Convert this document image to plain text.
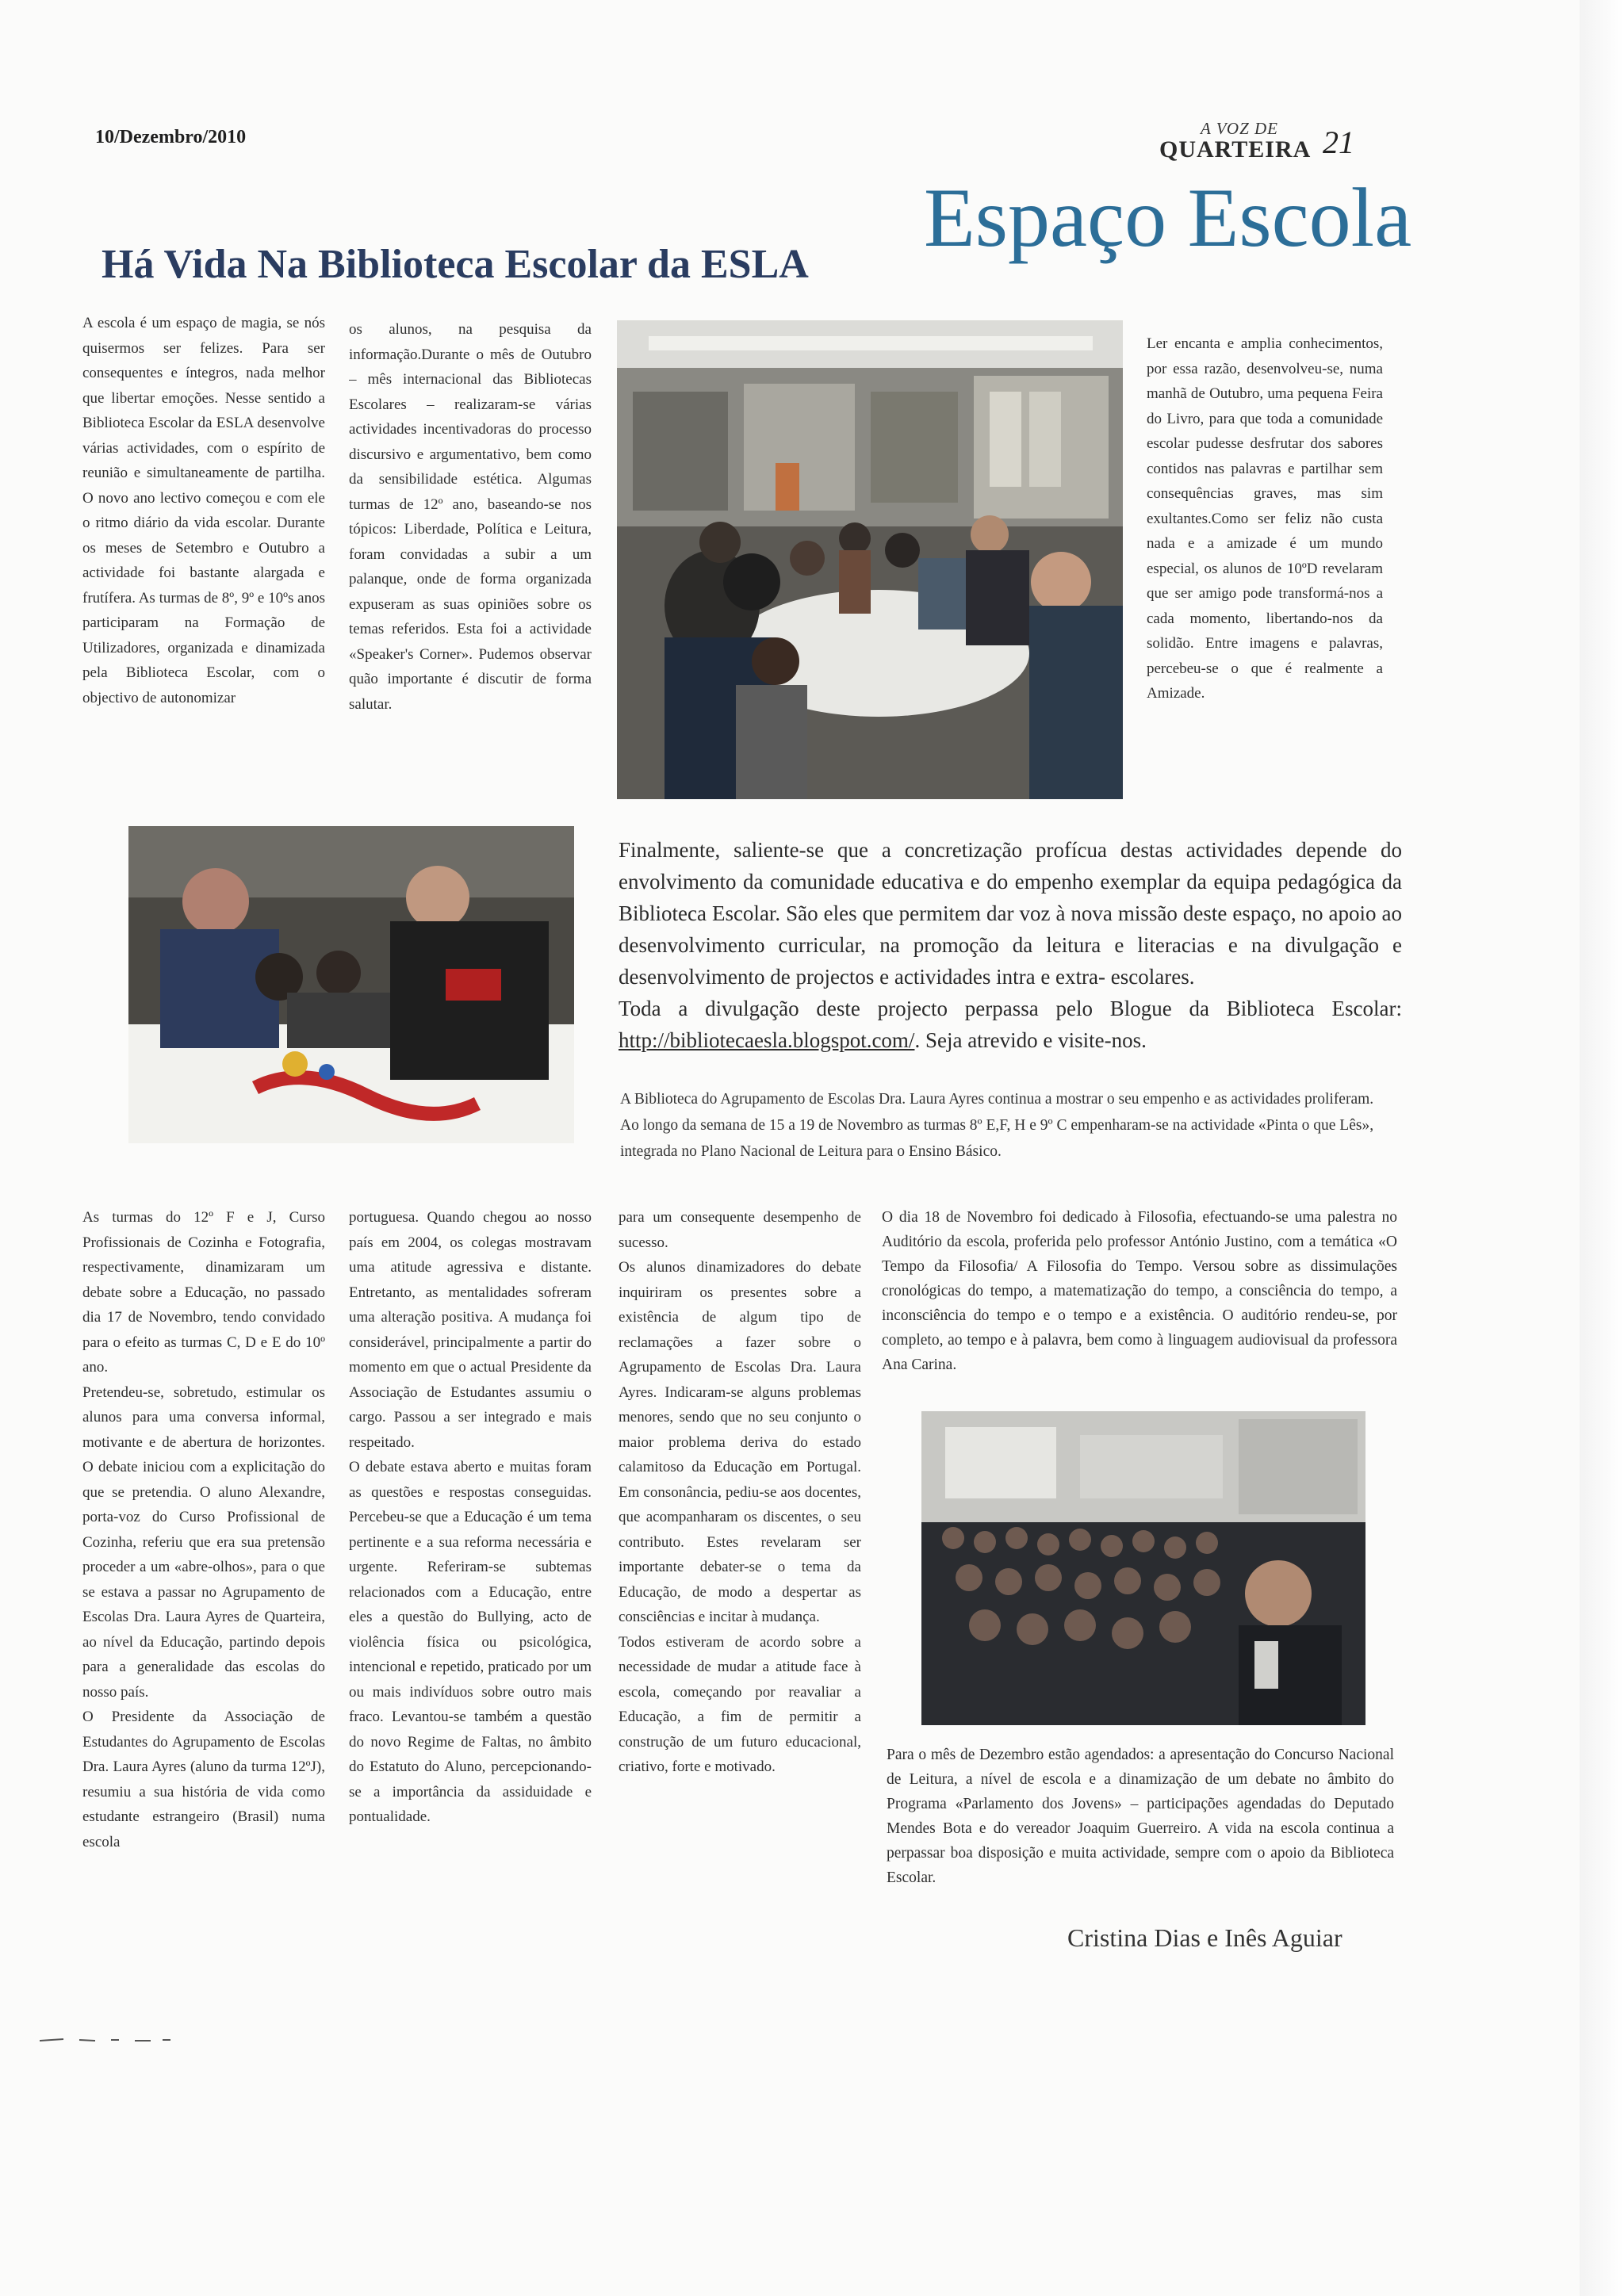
10/Dezembro/2010	A VOZ DE
QUARTEIRA 21
Espaço Escola
Há Vida Na Biblioteca Escolar da ESLA

A escola é um espaço de magia, se nós quisermos ser felizes. Para ser consequentes e íntegros, nada melhor que libertar emoções. Nesse sentido a Biblioteca Escolar da ESLA desenvolve várias actividades, com o espírito de reunião e simultaneamente de partilha. O novo ano lectivo começou e com ele o ritmo diário da vida escolar. Durante os meses de Setembro e Outubro a actividade foi bastante alargada e frutífera. As turmas de 8º, 9º e 10ºs anos participaram na Formação de Utilizadores, organizada e dinamizada pela Biblioteca Escolar, com o objectivo de autonomizar

os alunos, na pesquisa da informação.Durante o mês de Outubro – mês internacional das Bibliotecas Escolares – realizaram-se várias actividades incentivadoras do processo discursivo e argumentativo, bem como da sensibilidade estética. Algumas turmas de 12º ano, baseando-se nos tópicos: Liberdade, Política e Leitura, foram convidadas a subir a um palanque, onde de forma organizada expuseram as suas opiniões sobre os temas referidos. Esta foi a actividade «Speaker's Corner». Pudemos observar quão importante é discutir de forma salutar.

Ler encanta e amplia conhecimentos, por essa razão, desenvolveu-se, numa manhã de Outubro, uma pequena Feira do Livro, para que toda a comunidade escolar pudesse desfrutar dos sabores contidos nas palavras e partilhar sem consequências graves, mas sim exultantes.Como ser feliz não custa nada e a amizade é um mundo especial, os alunos de 10ºD revelaram que ser amigo pode transformá-nos a cada momento, libertando-nos da solidão. Entre imagens e palavras, percebeu-se o que é realmente a Amizade.

Finalmente, saliente-se que a concretização profícua destas actividades depende do envolvimento da comunidade educativa e do empenho exemplar da equipa pedagógica da Biblioteca Escolar. São eles que permitem dar voz à nova missão deste espaço, no apoio ao desenvolvimento curricular, na promoção da leitura e literacias e na divulgação e desenvolvimento de projectos e actividades intra e extra- escolares.

Toda a divulgação deste projecto perpassa pelo Blogue da Biblioteca Escolar: http://bibliotecaesla.blogspot.com/. Seja atrevido e visite-nos.

A Biblioteca do Agrupamento de Escolas Dra. Laura Ayres continua a mostrar o seu empenho e as actividades proliferam.

Ao longo da semana de 15 a 19 de Novembro as turmas 8º E,F, H e 9º C empenharam-se na actividade «Pinta o que Lês», integrada no Plano Nacional de Leitura para o Ensino Básico.

As turmas do 12º F e J, Curso Profissionais de Cozinha e Fotografia, respectivamente, dinamizaram um debate sobre a Educação, no passado dia 17 de Novembro, tendo convidado para o efeito as turmas C, D e E do 10º ano.

Pretendeu-se, sobretudo, estimular os alunos para uma conversa informal, motivante e de abertura de horizontes. O debate iniciou com a explicitação do que se pretendia. O aluno Alexandre, porta-voz do Curso Profissional de Cozinha, referiu que era sua pretensão proceder a um «abre-olhos», para o que se estava a passar no Agrupamento de Escolas Dra. Laura Ayres de Quarteira, ao nível da Educação, partindo depois para a generalidade das escolas do nosso país.

O Presidente da Associação de Estudantes do Agrupamento de Escolas Dra. Laura Ayres (aluno da turma 12ºJ), resumiu a sua história de vida como estudante estrangeiro (Brasil) numa escola

portuguesa. Quando chegou ao nosso país em 2004, os colegas mostravam uma atitude agressiva e distante. Entretanto, as mentalidades sofreram uma alteração positiva. A mudança foi considerável, principalmente a partir do momento em que o actual Presidente da Associação de Estudantes assumiu o cargo. Passou a ser integrado e mais respeitado.

O debate estava aberto e muitas foram as questões e respostas conseguidas. Percebeu-se que a Educação é um tema pertinente e a sua reforma necessária e urgente. Referiram-se subtemas relacionados com a Educação, entre eles a questão do Bullying, acto de violência física ou psicológica, intencional e repetido, praticado por um ou mais indivíduos sobre outro mais fraco. Levantou-se também a questão do novo Regime de Faltas, no âmbito do Estatuto do Aluno, percepcionando-se a importância da assiduidade e pontualidade.

para um consequente desempenho de sucesso.

Os alunos dinamizadores do debate inquiriram os presentes sobre a existência de algum tipo de reclamações a fazer sobre o Agrupamento de Escolas Dra. Laura Ayres. Indicaram-se alguns problemas menores, sendo que no seu conjunto o maior problema deriva do estado calamitoso da Educação em Portugal. Em consonância, pediu-se aos docentes, que acompanharam os discentes, o seu contributo. Estes revelaram ser importante debater-se o tema da Educação, de modo a despertar as consciências e incitar à mudança.

Todos estiveram de acordo sobre a necessidade de mudar a atitude face à escola, começando por reavaliar a Educação, a fim de permitir a construção de um futuro educacional, criativo, forte e motivado.

O dia 18 de Novembro foi dedicado à Filosofia, efectuando-se uma palestra no Auditório da escola, proferida pelo professor António Justino, com a temática «O Tempo da Filosofia/ A Filosofia do Tempo. Versou sobre as dissimulações cronológicas do tempo, a matematização do tempo, a consciência do tempo, a inconsciência do tempo e o tempo e a existência. O auditório rendeu-se, por completo, ao tempo e à palavra, bem como à linguagem audiovisual da professora Ana Carina.

Para o mês de Dezembro estão agendados: a apresentação do Concurso Nacional de Leitura, a nível de escola e a dinamização de um debate no âmbito do Programa «Parlamento dos Jovens» – participações agendadas do Deputado Mendes Bota e do vereador Joaquim Guerreiro. A vida na escola continua a perpassar boa disposição e muita actividade, sempre com o apoio da Biblioteca Escolar.

Cristina Dias e Inês Aguiar
